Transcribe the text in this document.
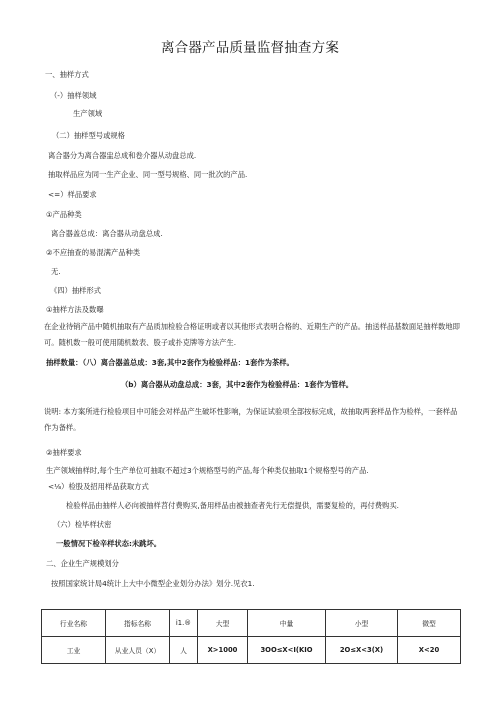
离合器产品质量监督抽查方案
一、抽样方式
（-）抽样领域
生产领域
（二）抽样型号或规格
离合器分为离合器盅总成和卷介器从动盘总成.
抽取样品应为同一生产企业、同一型号规格、同一批次的产品.
<=）样品要求
①产品种类
离合器盖总成：离合器从动盘总成.
②不应抽查的易混满产品种类
无.
《四）抽样形式
①抽样方法及数曝
在企业待销产品中随机抽取有产品质加检验合格证明或者以其他形式表明合格的、近期生产的产品。抽送样品基数面足抽样数地即可。随机数一般可使用随机数表、股子或扑克牌等方法产生.
抽样数量：（八）离合器盖总成：3套,其中2套作为检验样品：1套作为茶样。
（b）离合器从动盘总成：3套，其中2套作为检验样品：1套作为管样。
说明: 本方案所进行检验项目中可能会对样品产生破坏性影响，为保证试验项全部按标完成，故抽取两套样品作为检样，一套样品作为备样。
②抽样要求
生产领域抽样时,每个生产单位可抽取不超过3个规格型号的产品,每个种类仅抽取1个规格型号的产品.
<⅛）检股及招用样品获取方式
检验样品由抽样人必向被抽样苕付费购买,备用样品由被抽查者先行无偿提供，需要复检的，再付费购买.
（六）检毕样状密
一般情况下检辛样状态:未跳坏。
二、企业生产规模划分
按照国家统计局4统计上大中小微型企业划分办法》划分.见衣1.
行业名称	指标名称	i1.®	大型	中量	小型	微型
工业	从业人员（X）	人	X>1000	3OO≤X<I(KIO	2O≤X<3(X)	X<20
